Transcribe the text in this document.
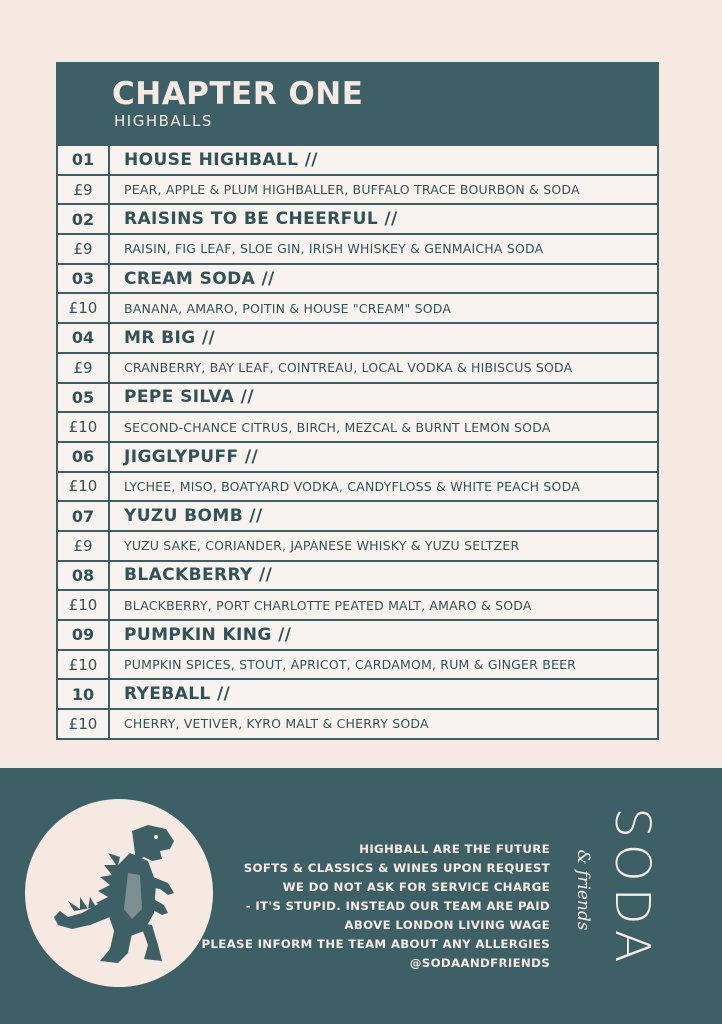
CHAPTER ONE
HIGHBALLS
01	HOUSE HIGHBALL //
£9	PEAR, APPLE & PLUM HIGHBALLER, BUFFALO TRACE BOURBON & SODA
02	RAISINS TO BE CHEERFUL //
£9	RAISIN, FIG LEAF, SLOE GIN, IRISH WHISKEY & GENMAICHA SODA
03	CREAM SODA //
£10	BANANA, AMARO, POITIN & HOUSE "CREAM" SODA
04	MR BIG //
£9	CRANBERRY, BAY LEAF, COINTREAU, LOCAL VODKA & HIBISCUS SODA
05	PEPE SILVA //
£10	SECOND-CHANCE CITRUS, BIRCH, MEZCAL & BURNT LEMON SODA
06	JIGGLYPUFF //
£10	LYCHEE, MISO, BOATYARD VODKA, CANDYFLOSS & WHITE PEACH SODA
07	YUZU BOMB //
£9	YUZU SAKE, CORIANDER, JAPANESE WHISKY & YUZU SELTZER
08	BLACKBERRY //
£10	BLACKBERRY, PORT CHARLOTTE PEATED MALT, AMARO & SODA
09	PUMPKIN KING //
£10	PUMPKIN SPICES, STOUT, APRICOT, CARDAMOM, RUM & GINGER BEER
10	RYEBALL //
£10	CHERRY, VETIVER, KYRO MALT & CHERRY SODA
HIGHBALL ARE THE FUTURE
SOFTS & CLASSICS & WINES UPON REQUEST
WE DO NOT ASK FOR SERVICE CHARGE
- IT'S STUPID. INSTEAD OUR TEAM ARE PAID
ABOVE LONDON LIVING WAGE
PLEASE INFORM THE TEAM ABOUT ANY ALLERGIES
@SODAANDFRIENDS SODA
& friends
